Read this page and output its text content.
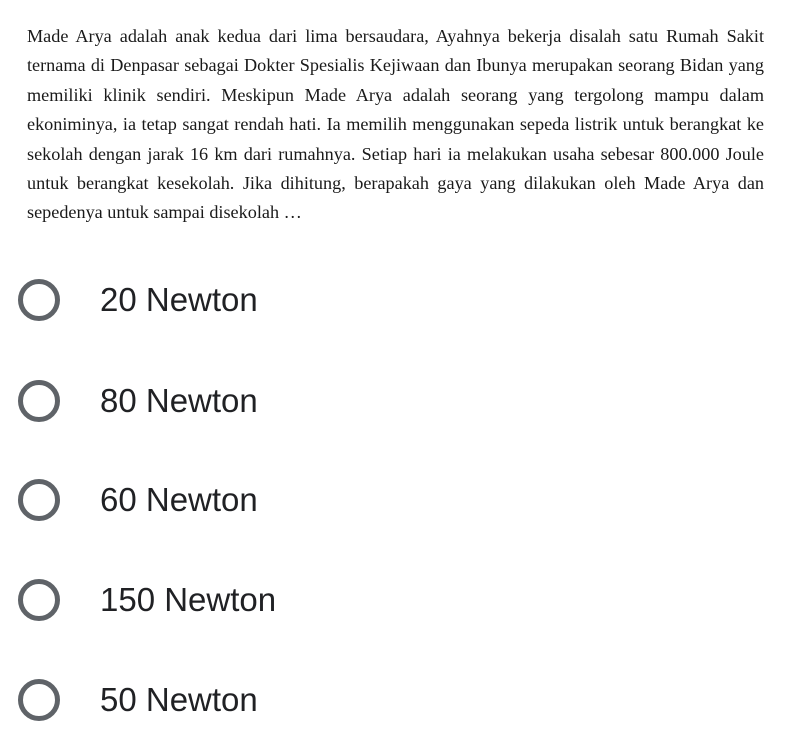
Made Arya adalah anak kedua dari lima bersaudara, Ayahnya bekerja disalah satu Rumah Sakit ternama di Denpasar sebagai Dokter Spesialis Kejiwaan dan Ibunya merupakan seorang Bidan yang memiliki klinik sendiri. Meskipun Made Arya adalah seorang yang tergolong mampu dalam ekoniminya, ia tetap sangat rendah hati. Ia memilih menggunakan sepeda listrik untuk berangkat ke sekolah dengan jarak 16 km dari rumahnya. Setiap hari ia melakukan usaha sebesar 800.000 Joule untuk berangkat kesekolah. Jika dihitung, berapakah gaya yang dilakukan oleh Made Arya dan sepedenya untuk sampai disekolah …

20 Newton
80 Newton
60 Newton
150 Newton
50 Newton
